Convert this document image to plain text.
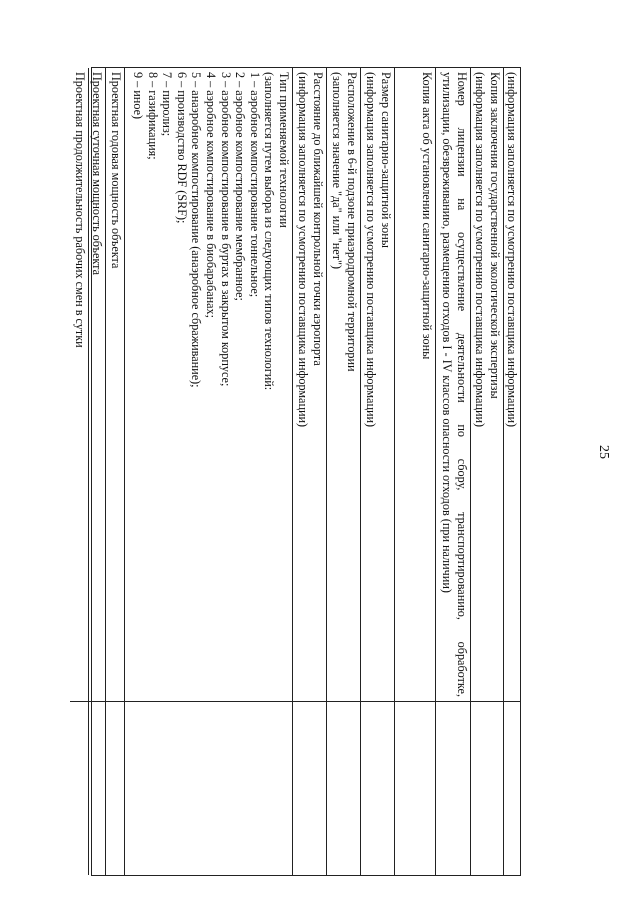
25
(информация заполняется по усмотрению поставщика информации)
Копия заключения государственной экологической экспертизы
(информация заполняется по усмотрению поставщика информации)
Номер лицензии на осуществление деятельности по сбору, транспортированию, обработке,
утилизации, обезвреживанию, размещению отходов I - IV классов опасности отходов (при наличии)
Копия акта об установлении санитарно-защитной зоны
Размер санитарно-защитной зоны
(информация заполняется по усмотрению поставщика информации)
Расположение в 6-й подзоне приаэродромной территории
(заполняется значение "да" или "нет")
Расстояние до ближайшей контрольной точки аэропорта
(информация заполняется по усмотрению поставщика информации)
Тип применяемой технологии
(заполняется путем выбора из следующих типов технологий:
1 – аэробное компостирование тоннельное;
2 – аэробное компостирование мембранное;
3 – аэробное компостирование в буртах в закрытом корпусе;
4 – аэробное компостирование в биобарабанах;
5 – анаэробное компостирование (анаэробное сбраживание);
6 – производство RDF (SRF);
7 – пиролиз;
8 – газификация;
9 – иное)
Проектная годовая мощность объекта
Проектная суточная мощность объекта
Проектная продолжительность рабочих смен в сутки
